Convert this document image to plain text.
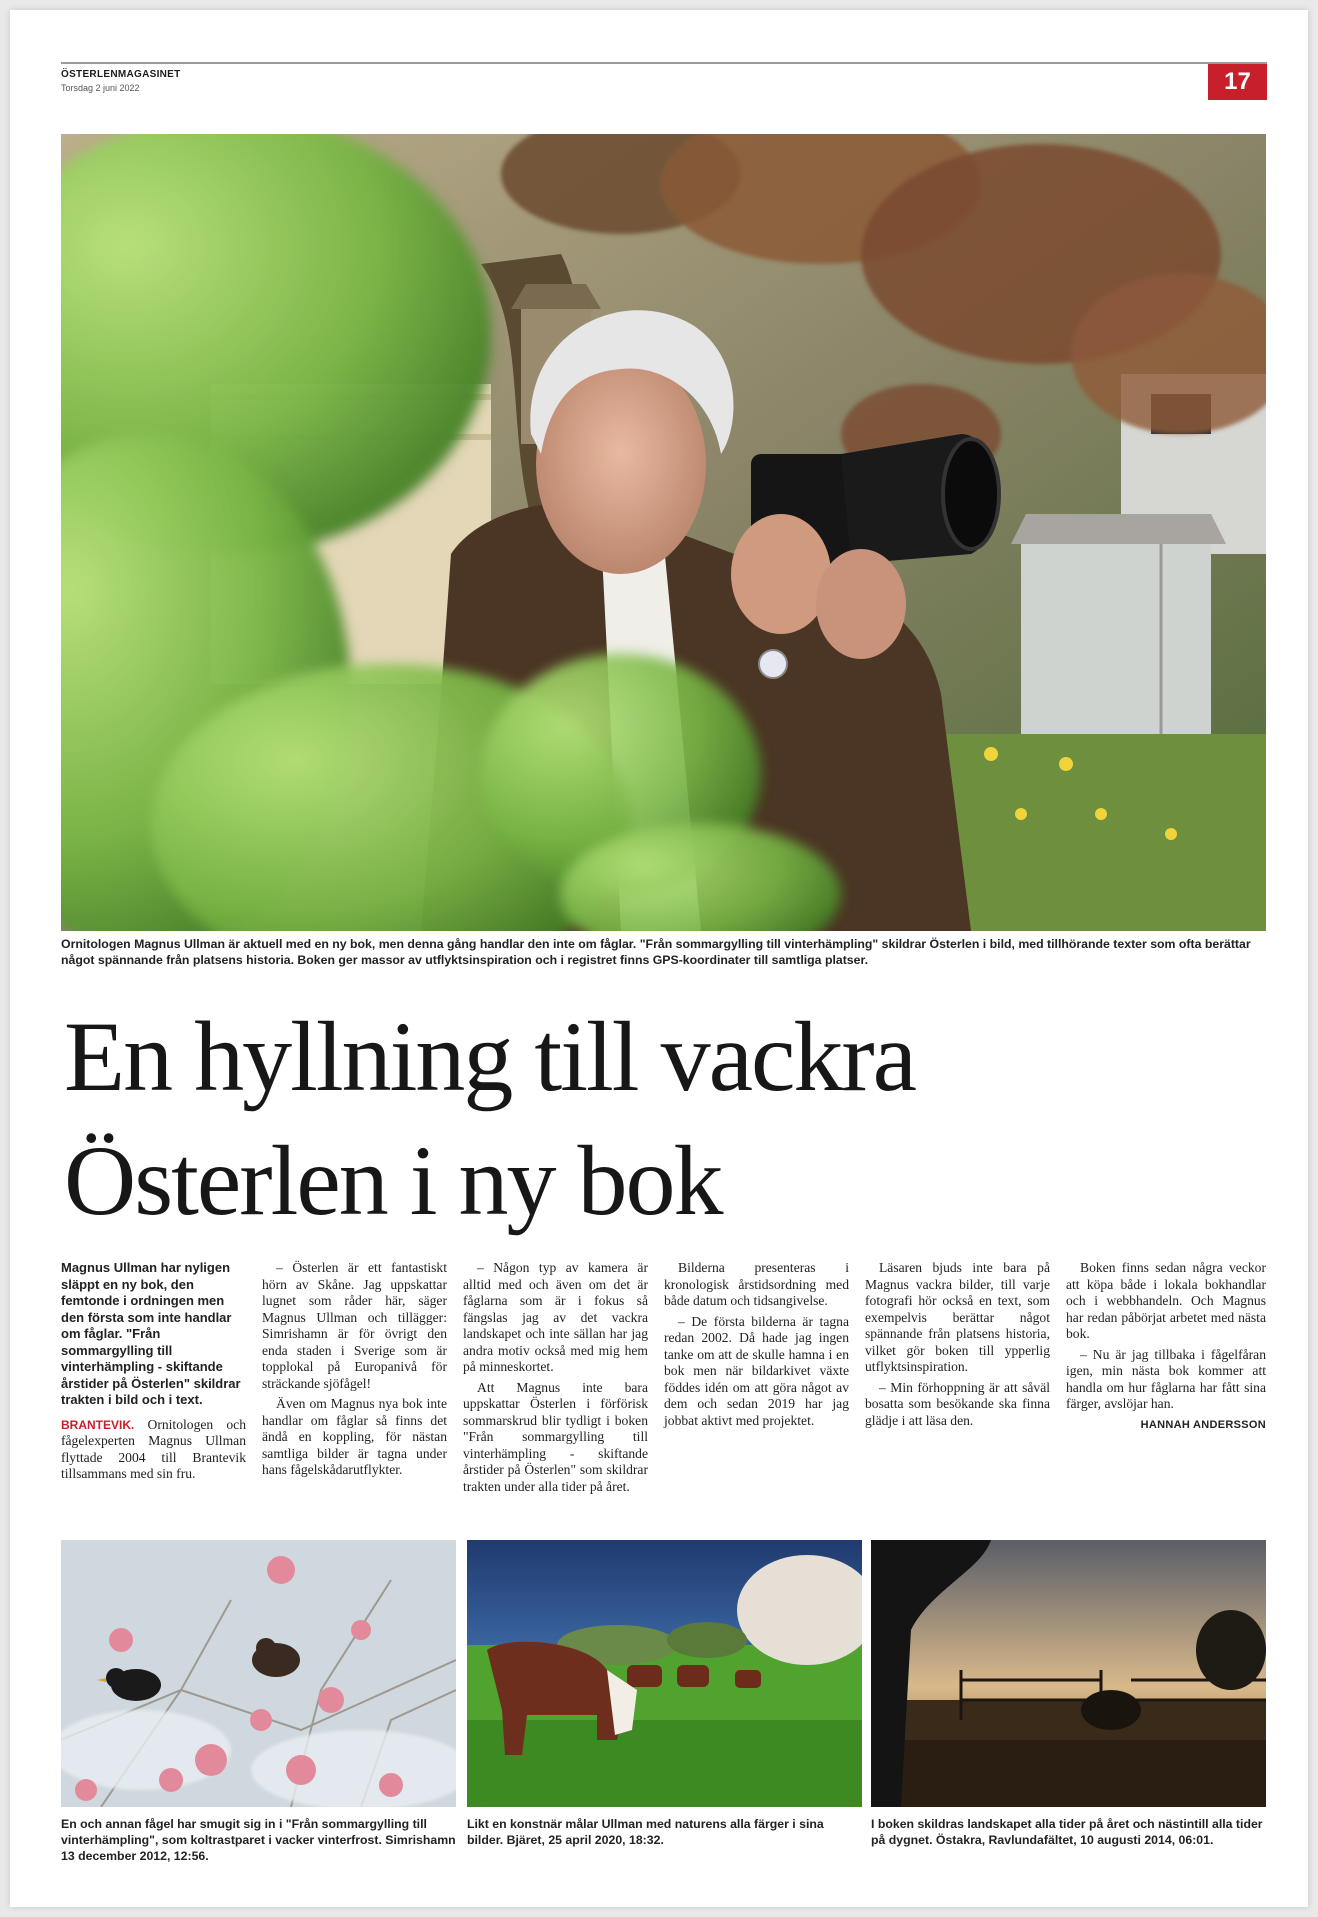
ÖSTERLENMAGASINET
Torsdag 2 juni 2022	17
Ornitologen Magnus Ullman är aktuell med en ny bok, men denna gång handlar den inte om fåglar. "Från sommargylling till vinterhämpling" skildrar Österlen i bild, med tillhörande texter som ofta berättar något spännande från platsens historia. Boken ger massor av utflyktsinspiration och i registret finns GPS-koordinater till samtliga platser.
En hyllning till vackra
Österlen i ny bok

Magnus Ullman har nyligen släppt en ny bok, den femtonde i ordningen men den första som inte handlar om fåglar. "Från sommargylling till vinterhämpling - skiftande årstider på Österlen" skildrar trakten i bild och i text.

BRANTEVIK. Ornitologen och fågelexperten Magnus Ullman flyttade 2004 till Brantevik tillsammans med sin fru.

– Österlen är ett fantastiskt hörn av Skåne. Jag uppskattar lugnet som råder här, säger Magnus Ullman och tillägger: Simrishamn är för övrigt den enda staden i Sverige som är topplokal på Europanivå för sträckande sjöfågel!

Även om Magnus nya bok inte handlar om fåglar så finns det ändå en koppling, för nästan samtliga bilder är tagna under hans fågelskådarutflykter.

– Någon typ av kamera är alltid med och även om det är fåglarna som är i fokus så fängslas jag av det vackra landskapet och inte sällan har jag andra motiv också med mig hem på minneskortet.

Att Magnus inte bara uppskattar Österlen i förförisk sommarskrud blir tydligt i boken "Från sommargylling till vinterhämpling - skiftande årstider på Österlen" som skildrar trakten under alla tider på året.

Bilderna presenteras i kronologisk årstidsordning med både datum och tidsangivelse.

– De första bilderna är tagna redan 2002. Då hade jag ingen tanke om att de skulle hamna i en bok men när bildarkivet växte föddes idén om att göra något av dem och sedan 2019 har jag jobbat aktivt med projektet.

Läsaren bjuds inte bara på Magnus vackra bilder, till varje fotografi hör också en text, som exempelvis berättar något spännande från platsens historia, vilket gör boken till ypperlig utflyktsinspiration.

– Min förhoppning är att såväl bosatta som besökande ska finna glädje i att läsa den.

Boken finns sedan några veckor att köpa både i lokala bokhandlar och i webbhandeln. Och Magnus har redan påbörjat arbetet med nästa bok.

– Nu är jag tillbaka i fågelfåran igen, min nästa bok kommer att handla om hur fåglarna har fått sina färger, avslöjar han.

HANNAH ANDERSSON

En och annan fågel har smugit sig in i "Från sommargylling till vinterhämpling", som koltrastparet i vacker vinterfrost. Simrishamn 13 december 2012, 12:56.
Likt en konstnär målar Ullman med naturens alla färger i sina bilder. Bjäret, 25 april 2020, 18:32.
I boken skildras landskapet alla tider på året och nästintill alla tider på dygnet. Östakra, Ravlundafältet, 10 augusti 2014, 06:01.
